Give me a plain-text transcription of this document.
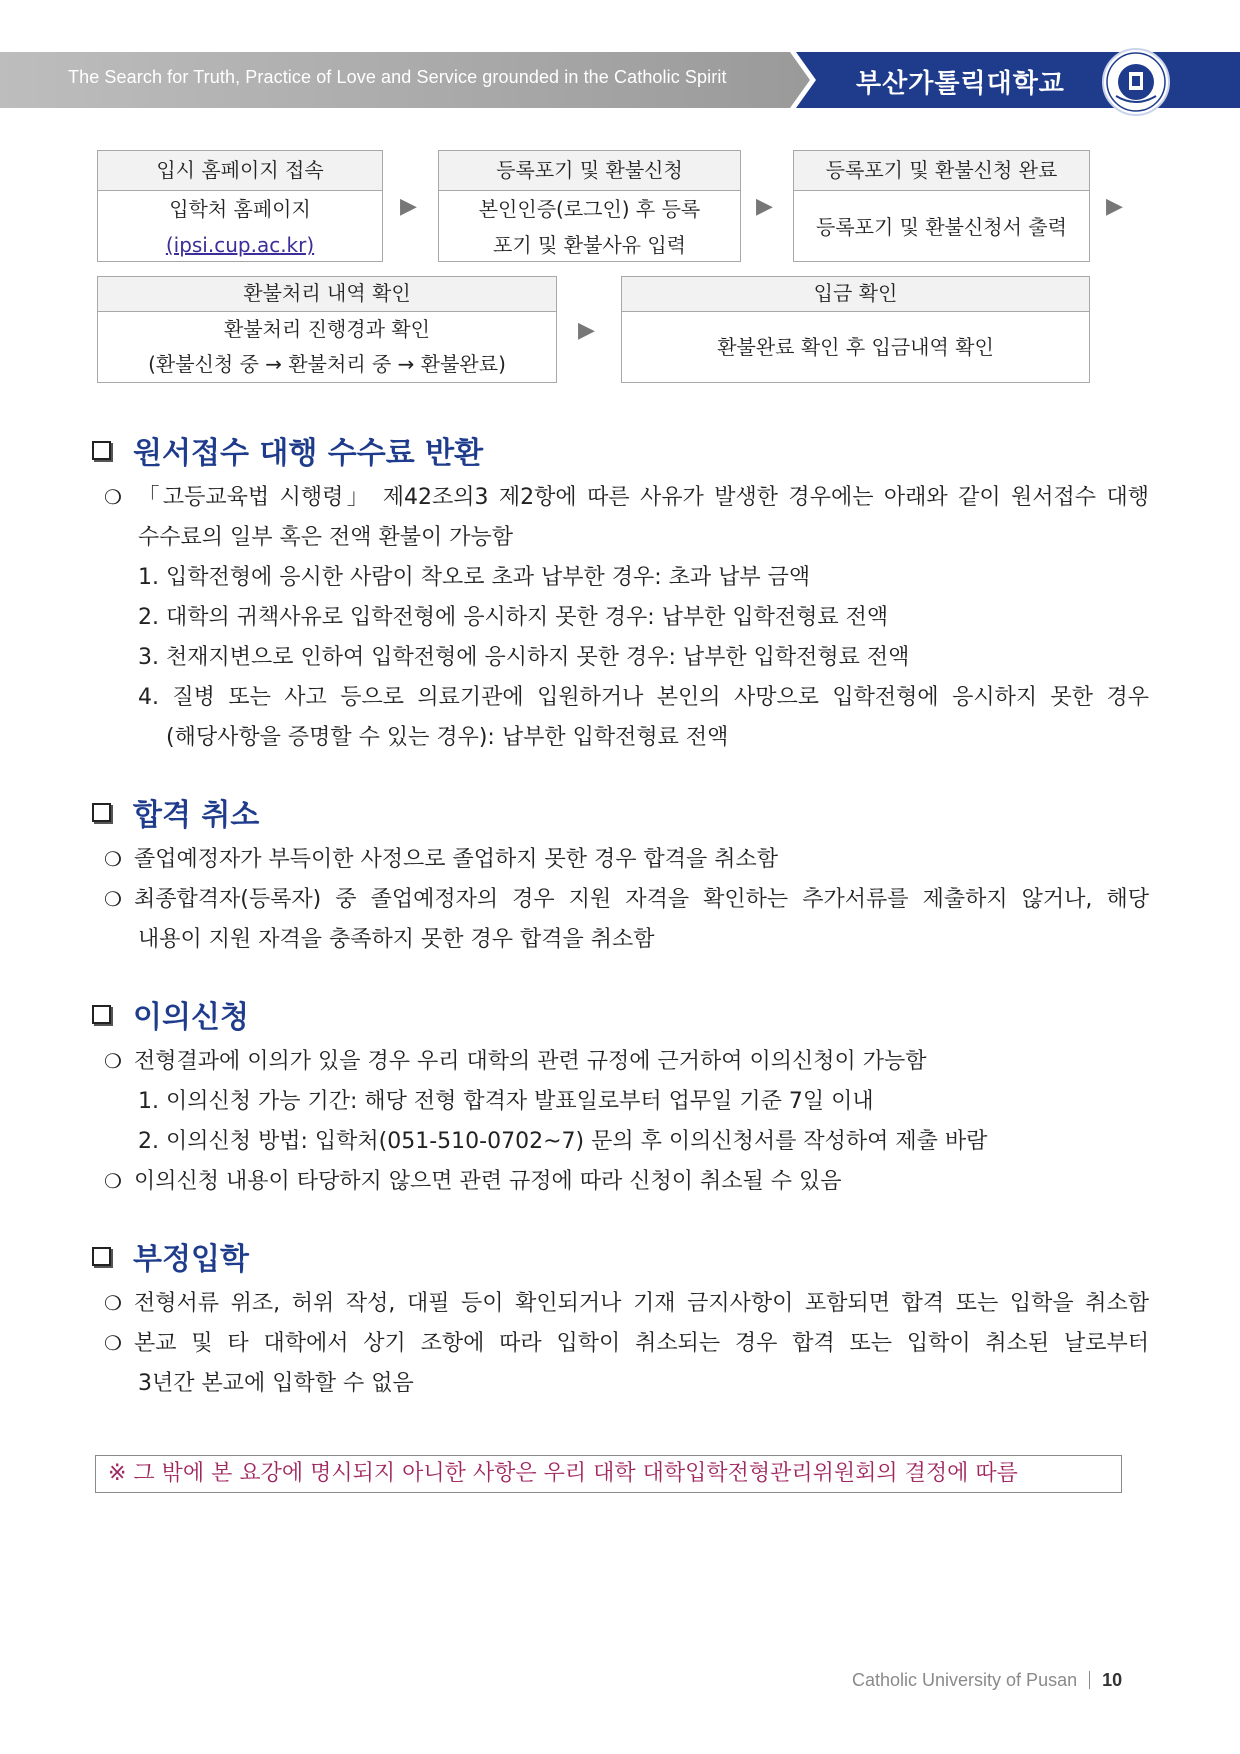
The Search for Truth, Practice of Love and Service grounded in the Catholic Spirit	부산가톨릭대학교
입시 홈페이지 접속
입학처 홈페이지
(ipsi.cup.ac.kr)
▶
등록포기 및 환불신청
본인인증(로그인) 후 등록
포기 및 환불사유 입력
▶
등록포기 및 환불신청 완료
등록포기 및 환불신청서 출력
▶
환불처리 내역 확인
환불처리 진행경과 확인
(환불신청 중 → 환불처리 중 → 환불완료)
▶
입금 확인
환불완료 확인 후 입금내역 확인
원서접수 대행 수수료 반환
❍ 「고등교육법 시행령」 제42조의3 제2항에 따른 사유가 발생한 경우에는 아래와 같이 원서접수 대행
수수료의 일부 혹은 전액 환불이 가능함
1. 입학전형에 응시한 사람이 착오로 초과 납부한 경우: 초과 납부 금액
2. 대학의 귀책사유로 입학전형에 응시하지 못한 경우: 납부한 입학전형료 전액
3. 천재지변으로 인하여 입학전형에 응시하지 못한 경우: 납부한 입학전형료 전액
4. 질병 또는 사고 등으로 의료기관에 입원하거나 본인의 사망으로 입학전형에 응시하지 못한 경우
(해당사항을 증명할 수 있는 경우): 납부한 입학전형료 전액
합격 취소
❍ 졸업예정자가 부득이한 사정으로 졸업하지 못한 경우 합격을 취소함
❍ 최종합격자(등록자) 중 졸업예정자의 경우 지원 자격을 확인하는 추가서류를 제출하지 않거나, 해당
내용이 지원 자격을 충족하지 못한 경우 합격을 취소함
이의신청
❍ 전형결과에 이의가 있을 경우 우리 대학의 관련 규정에 근거하여 이의신청이 가능함
1. 이의신청 가능 기간: 해당 전형 합격자 발표일로부터 업무일 기준 7일 이내
2. 이의신청 방법: 입학처(051-510-0702~7) 문의 후 이의신청서를 작성하여 제출 바람
❍ 이의신청 내용이 타당하지 않으면 관련 규정에 따라 신청이 취소될 수 있음
부정입학
❍ 전형서류 위조, 허위 작성, 대필 등이 확인되거나 기재 금지사항이 포함되면 합격 또는 입학을 취소함
❍ 본교 및 타 대학에서 상기 조항에 따라 입학이 취소되는 경우 합격 또는 입학이 취소된 날로부터
3년간 본교에 입학할 수 없음
※ 그 밖에 본 요강에 명시되지 아니한 사항은 우리 대학 대학입학전형관리위원회의 결정에 따름
Catholic University of Pusan 10
